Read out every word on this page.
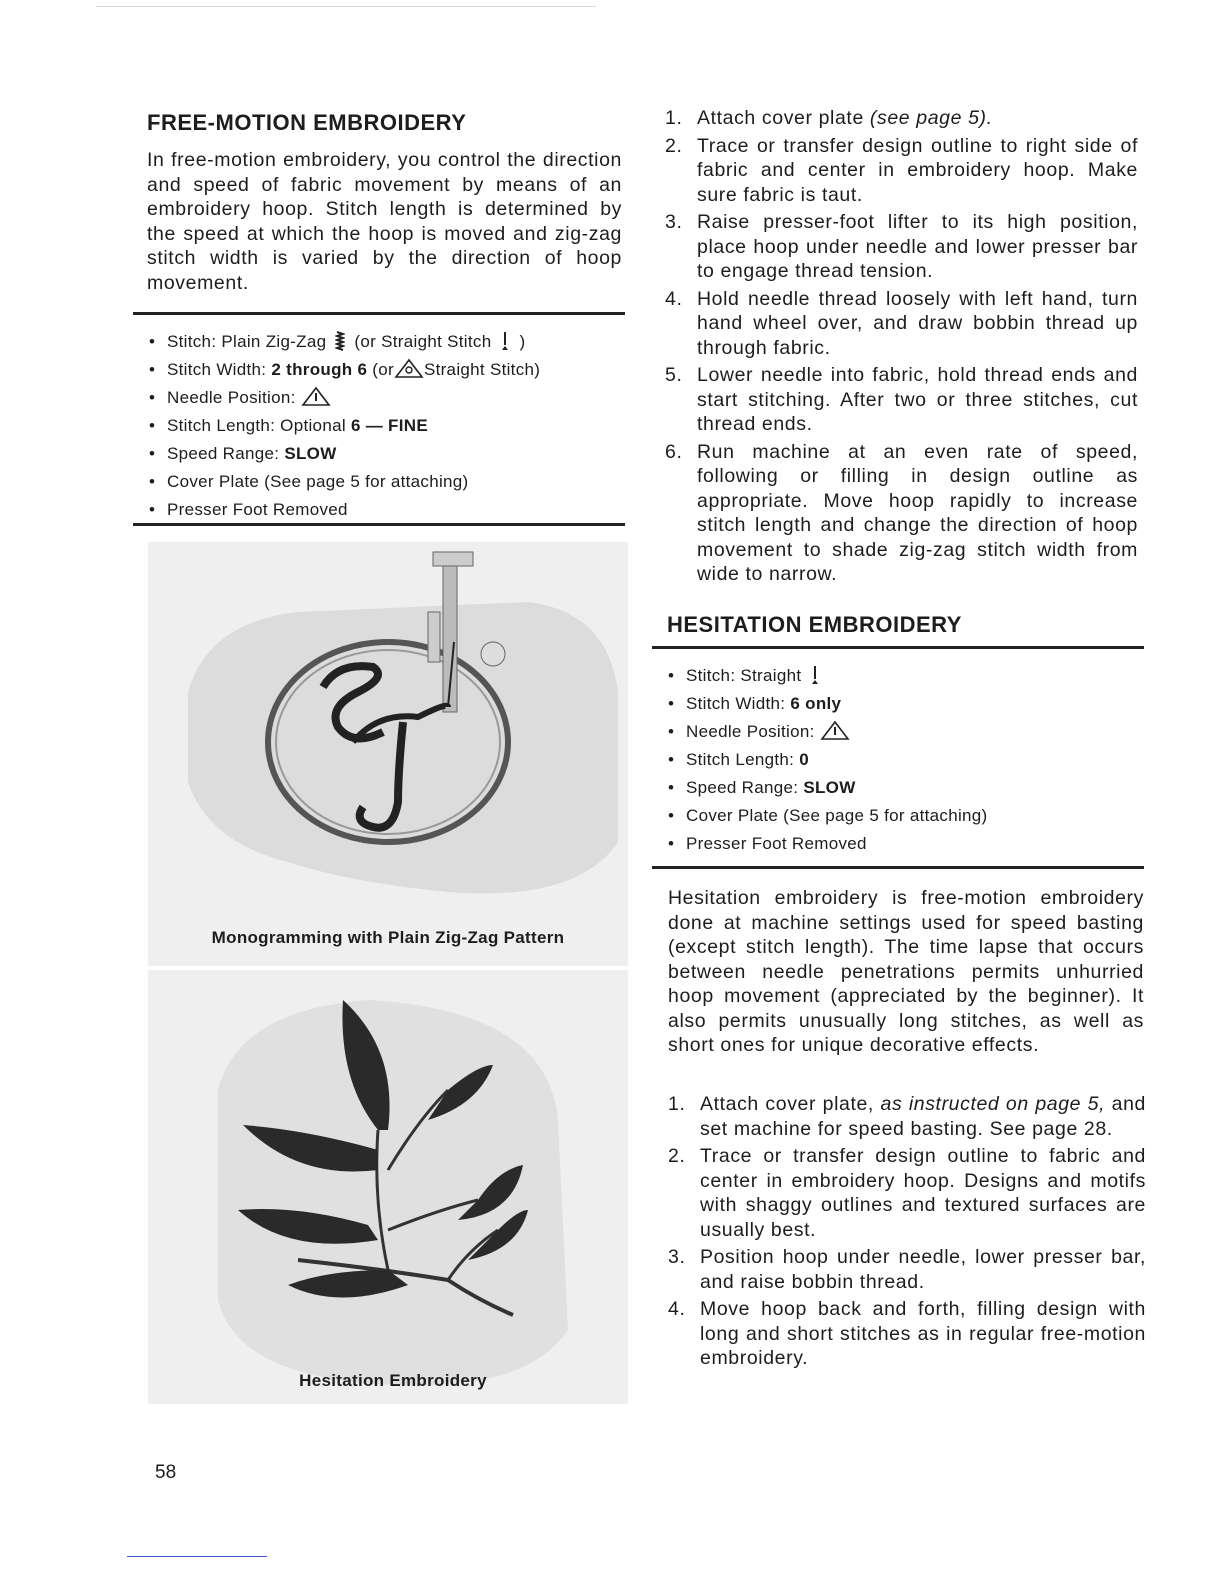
FREE-MOTION EMBROIDERY

In free-motion embroidery, you control the direction and speed of fabric movement by means of an embroidery hoop. Stitch length is determined by the speed at which the hoop is moved and zig-zag stitch width is varied by the direction of hoop movement.

• Stitch: Plain Zig-Zag (or Straight Stitch )
• Stitch Width: 2 through 6 (or Straight Stitch)
• Needle Position:
• Stitch Length: Optional 6 — FINE
• Speed Range: SLOW
• Cover Plate (See page 5 for attaching)
• Presser Foot Removed

Monogramming with Plain Zig-Zag Pattern

Hesitation Embroidery

58

1. Attach cover plate (see page 5).
2. Trace or transfer design outline to right side of fabric and center in embroidery hoop. Make sure fabric is taut.
3. Raise presser-foot lifter to its high position, place hoop under needle and lower presser bar to engage thread tension.
4. Hold needle thread loosely with left hand, turn hand wheel over, and draw bobbin thread up through fabric.
5. Lower needle into fabric, hold thread ends and start stitching. After two or three stitches, cut thread ends.
6. Run machine at an even rate of speed, following or filling in design outline as appropriate. Move hoop rapidly to increase stitch length and change the direction of hoop movement to shade zig-zag stitch width from wide to narrow.
HESITATION EMBROIDERY
• Stitch: Straight
• Stitch Width: 6 only
• Needle Position:
• Stitch Length: 0
• Speed Range: SLOW
• Cover Plate (See page 5 for attaching)
• Presser Foot Removed

Hesitation embroidery is free-motion embroidery done at machine settings used for speed basting (except stitch length). The time lapse that occurs between needle penetrations permits unhurried hoop movement (appreciated by the beginner). It also permits unusually long stitches, as well as short ones for unique decorative effects.

1. Attach cover plate, as instructed on page 5, and set machine for speed basting. See page 28.
2. Trace or transfer design outline to fabric and center in embroidery hoop. Designs and motifs with shaggy outlines and textured surfaces are usually best.
3. Position hoop under needle, lower presser bar, and raise bobbin thread.
4. Move hoop back and forth, filling design with long and short stitches as in regular free-motion embroidery.
